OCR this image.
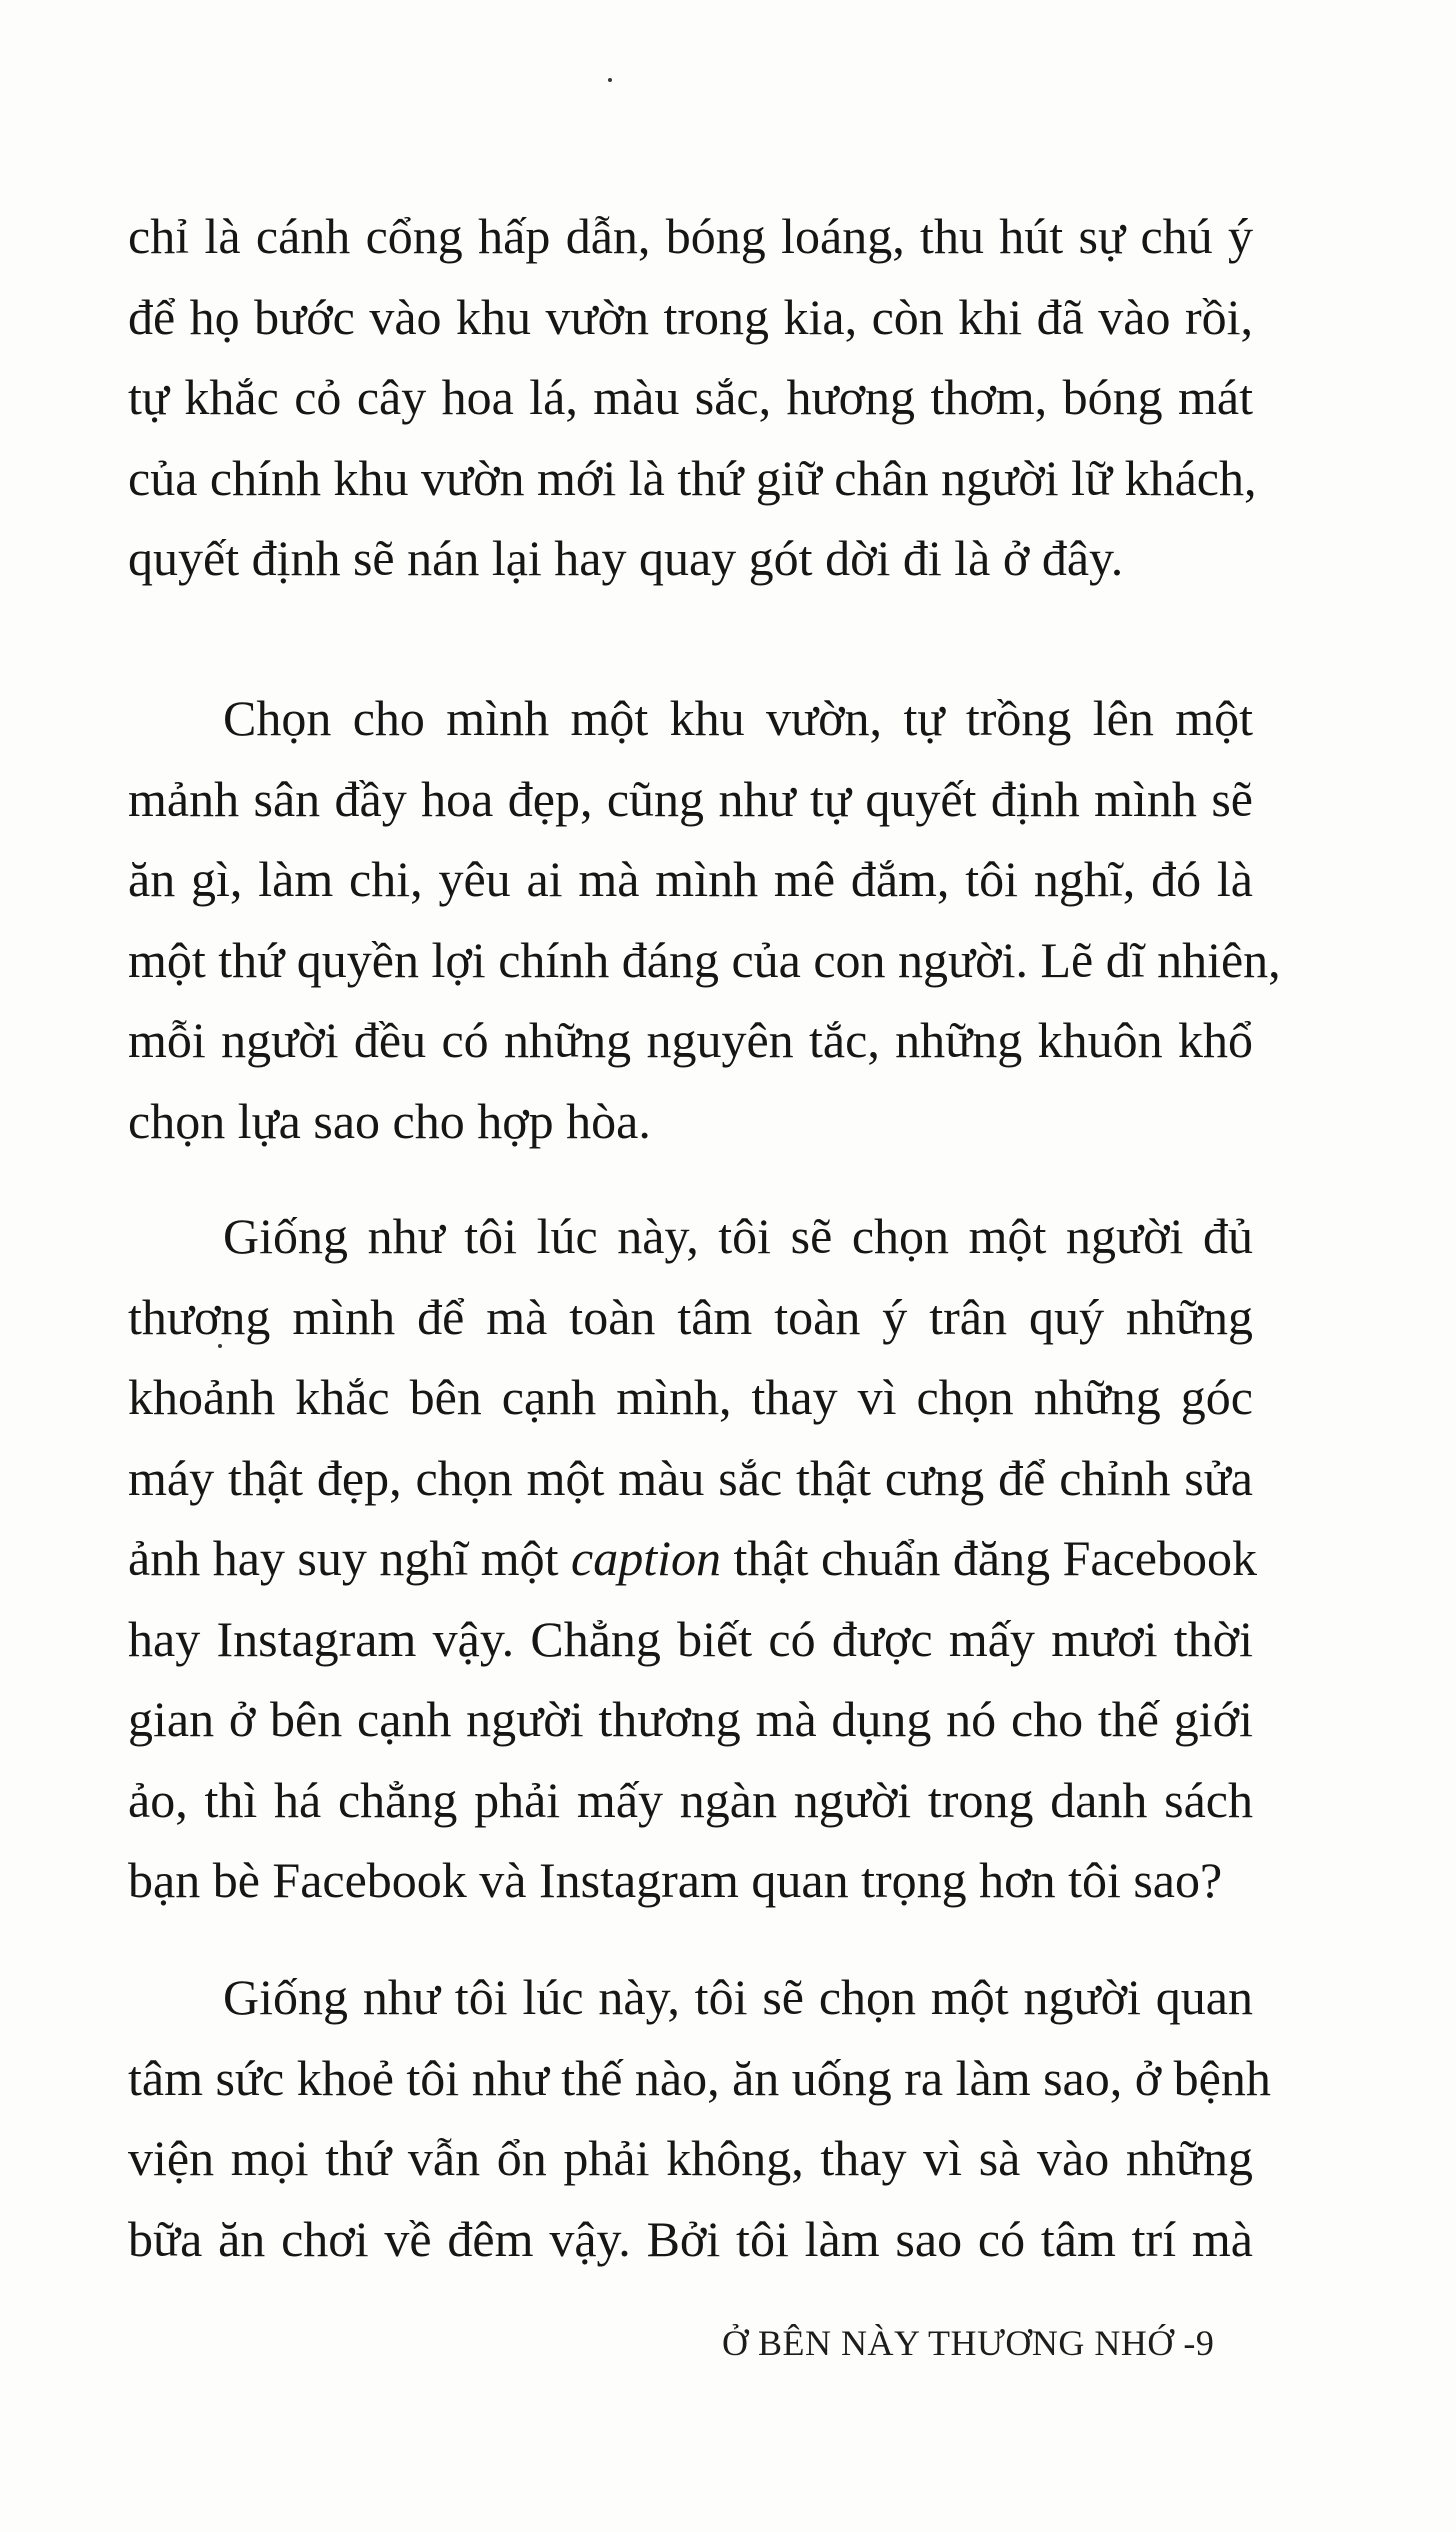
chỉ là cánh cổng hấp dẫn, bóng loáng, thu hút sự chú ý
để họ bước vào khu vườn trong kia, còn khi đã vào rồi,
tự khắc cỏ cây hoa lá, màu sắc, hương thơm, bóng mát
của chính khu vườn mới là thứ giữ chân người lữ khách,
quyết định sẽ nán lại hay quay gót dời đi là ở đây.

Chọn cho mình một khu vườn, tự trồng lên một
mảnh sân đầy hoa đẹp, cũng như tự quyết định mình sẽ
ăn gì, làm chi, yêu ai mà mình mê đắm, tôi nghĩ, đó là
một thứ quyền lợi chính đáng của con người. Lẽ dĩ nhiên,
mỗi người đều có những nguyên tắc, những khuôn khổ
chọn lựa sao cho hợp hòa.

Giống như tôi lúc này, tôi sẽ chọn một người đủ
thương mình để mà toàn tâm toàn ý trân quý những
khoảnh khắc bên cạnh mình, thay vì chọn những góc
máy thật đẹp, chọn một màu sắc thật cưng để chỉnh sửa
ảnh hay suy nghĩ một caption thật chuẩn đăng Facebook
hay Instagram vậy. Chẳng biết có được mấy mươi thời
gian ở bên cạnh người thương mà dụng nó cho thế giới
ảo, thì há chẳng phải mấy ngàn người trong danh sách
bạn bè Facebook và Instagram quan trọng hơn tôi sao?

Giống như tôi lúc này, tôi sẽ chọn một người quan
tâm sức khoẻ tôi như thế nào, ăn uống ra làm sao, ở bệnh
viện mọi thứ vẫn ổn phải không, thay vì sà vào những
bữa ăn chơi về đêm vậy. Bởi tôi làm sao có tâm trí mà

Ở BÊN NÀY THƯƠNG NHỚ -9
